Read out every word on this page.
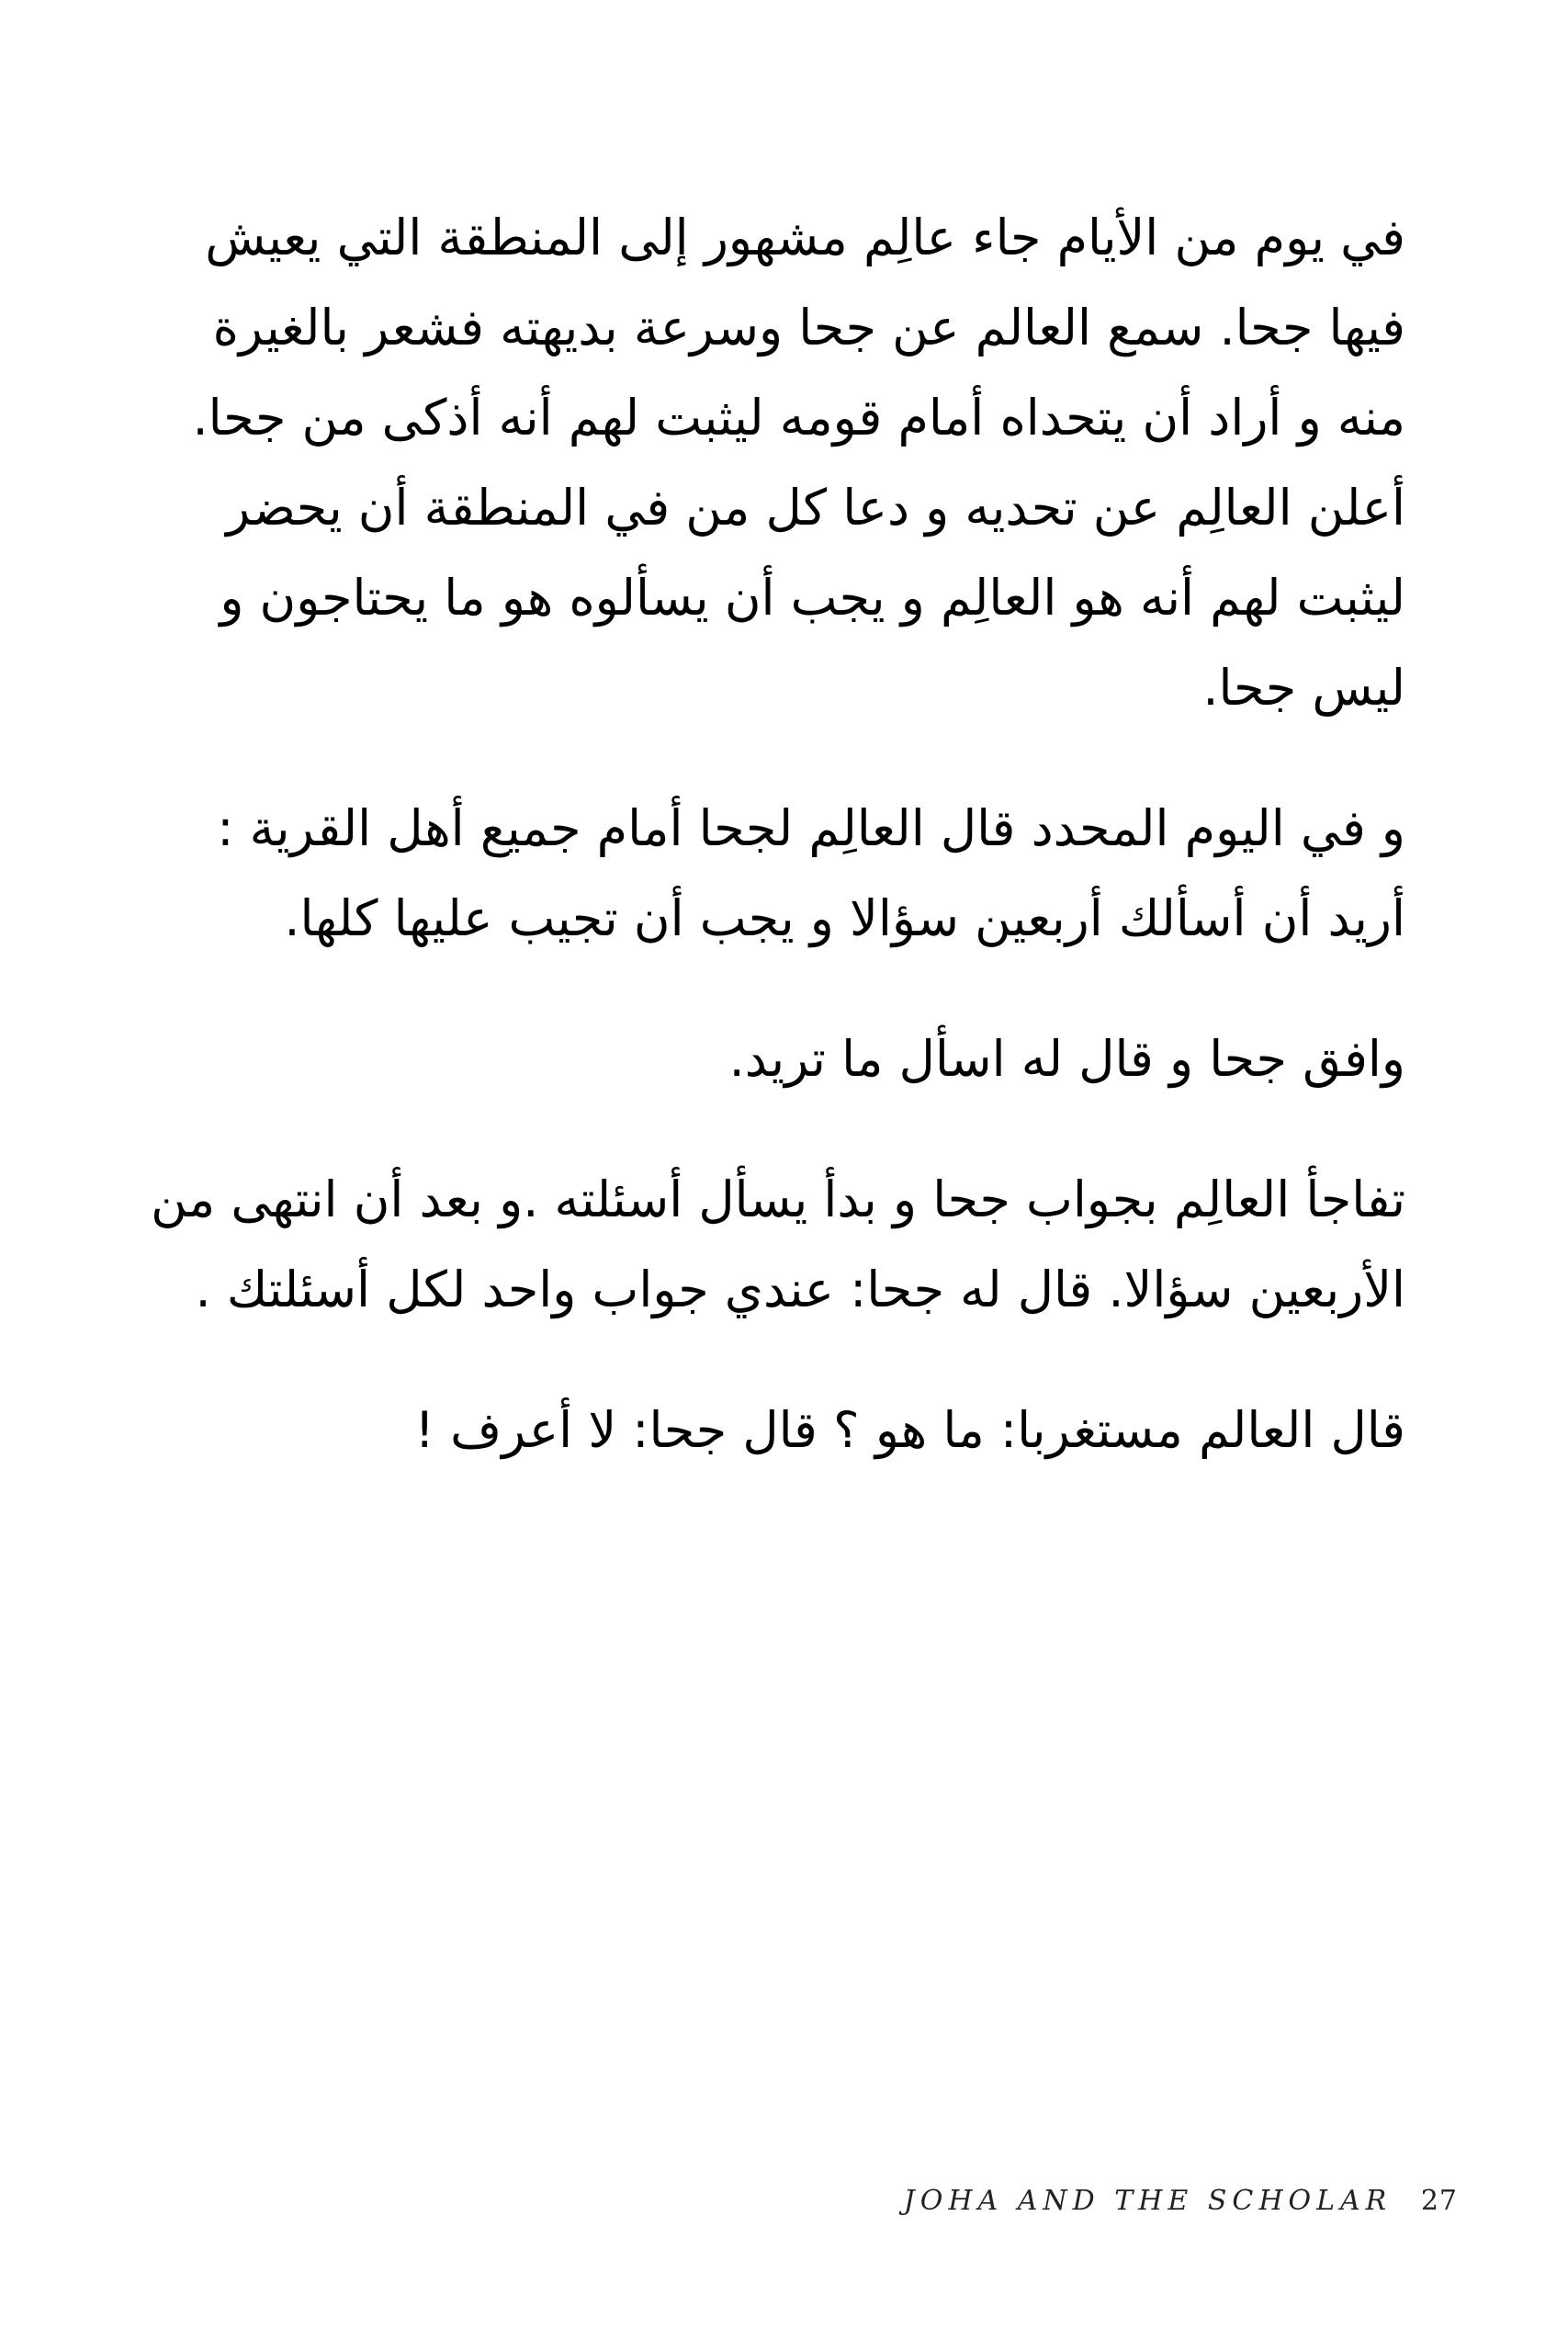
في يوم من الأيام جاء عالِم مشهور إلى المنطقة التي يعيش فيها جحا. سمع العالم عن جحا وسرعة بديهته فشعر بالغيرة منه و أراد أن يتحداه أمام قومه ليثبت لهم أنه أذكى من جحا. أعلن العالِم عن تحديه و دعا كل من في المنطقة أن يحضر ليثبت لهم أنه هو العالِم و يجب أن يسألوه هو ما يحتاجون و ليس جحا.

و في اليوم المحدد قال العالِم لجحا أمام جميع أهل القرية : أريد أن أسألك أربعين سؤالا و يجب أن تجيب عليها كلها.

وافق جحا و قال له اسأل ما تريد.

تفاجأ العالِم بجواب جحا و بدأ يسأل أسئلته .و بعد أن انتهى من الأربعين سؤالا. قال له جحا: عندي جواب واحد لكل أسئلتك .

قال العالم مستغربا: ما هو ؟ قال جحا: لا أعرف !

JOHA AND THE SCHOLAR 27
